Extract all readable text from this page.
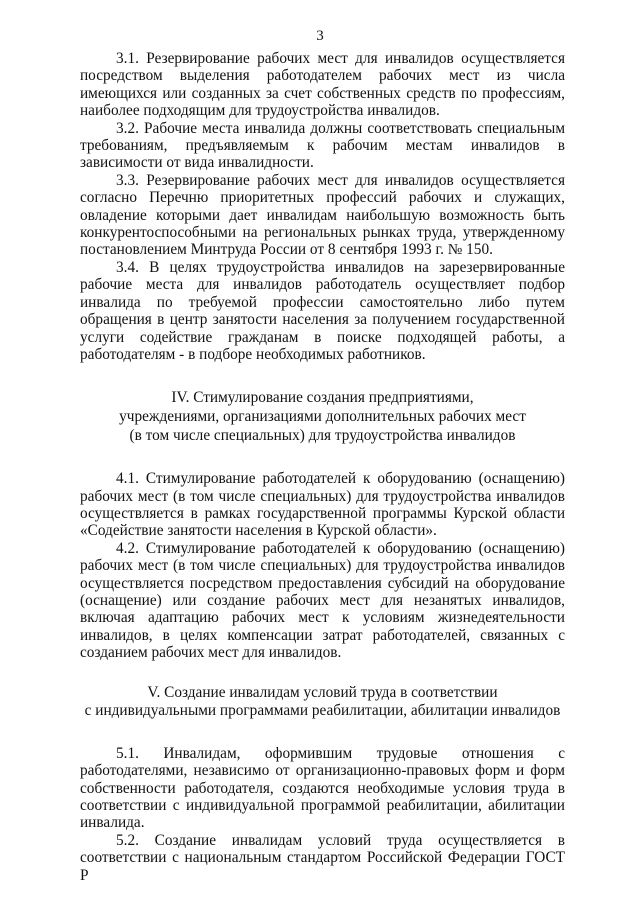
3

3.1. Резервирование рабочих мест для инвалидов осуществляется посредством выделения работодателем рабочих мест из числа имеющихся или созданных за счет собственных средств по профессиям, наиболее подходящим для трудоустройства инвалидов.

3.2. Рабочие места инвалида должны соответствовать специальным требованиям, предъявляемым к рабочим местам инвалидов в зависимости от вида инвалидности.

3.3. Резервирование рабочих мест для инвалидов осуществляется согласно Перечню приоритетных профессий рабочих и служащих, овладение которыми дает инвалидам наибольшую возможность быть конкурентоспособными на региональных рынках труда, утвержденному постановлением Минтруда России от 8 сентября 1993 г. № 150.

3.4. В целях трудоустройства инвалидов на зарезервированные рабочие места для инвалидов работодатель осуществляет подбор инвалида по требуемой профессии самостоятельно либо путем обращения в центр занятости населения за получением государственной услуги содействие гражданам в поиске подходящей работы, а работодателям - в подборе необходимых работников.

IV. Стимулирование создания предприятиями,
учреждениями, организациями дополнительных рабочих мест
(в том числе специальных) для трудоустройства инвалидов

4.1. Стимулирование работодателей к оборудованию (оснащению) рабочих мест (в том числе специальных) для трудоустройства инвалидов осуществляется в рамках государственной программы Курской области «Содействие занятости населения в Курской области».

4.2. Стимулирование работодателей к оборудованию (оснащению) рабочих мест (в том числе специальных) для трудоустройства инвалидов осуществляется посредством предоставления субсидий на оборудование (оснащение) или создание рабочих мест для незанятых инвалидов, включая адаптацию рабочих мест к условиям жизнедеятельности инвалидов, в целях компенсации затрат работодателей, связанных с созданием рабочих мест для инвалидов.

V. Создание инвалидам условий труда в соответствии
с индивидуальными программами реабилитации, абилитации инвалидов

5.1. Инвалидам, оформившим трудовые отношения с работодателями, независимо от организационно-правовых форм и форм собственности работодателя, создаются необходимые условия труда в соответствии с индивидуальной программой реабилитации, абилитации инвалида.

5.2. Создание инвалидам условий труда осуществляется в соответствии с национальным стандартом Российской Федерации ГОСТ Р
